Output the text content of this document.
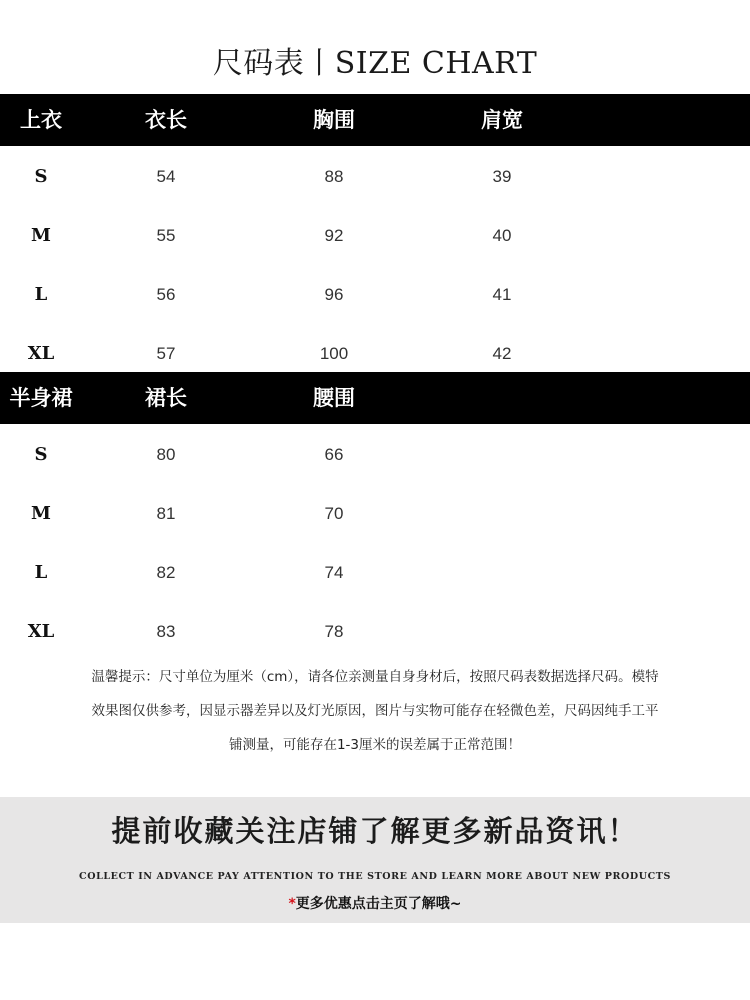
尺码表丨SIZE CHART
上衣	衣长	胸围	肩宽
S	54	88	39
M	55	92	40
L	56	96	41
XL	57	100	42
半身裙	裙长	腰围
S	80	66
M	81	70
L	82	74
XL	83	78

温馨提示：尺寸单位为厘米（cm），请各位亲测量自身身材后，按照尺码表数据选择尺码。模特

效果图仅供参考，因显示器差异以及灯光原因，图片与实物可能存在轻微色差，尺码因纯手工平

铺测量，可能存在1-3厘米的误差属于正常范围！

提前收藏关注店铺了解更多新品资讯！
COLLECT IN ADVANCE PAY ATTENTION TO THE STORE AND LEARN MORE ABOUT NEW PRODUCTS
*更多优惠点击主页了解哦~
